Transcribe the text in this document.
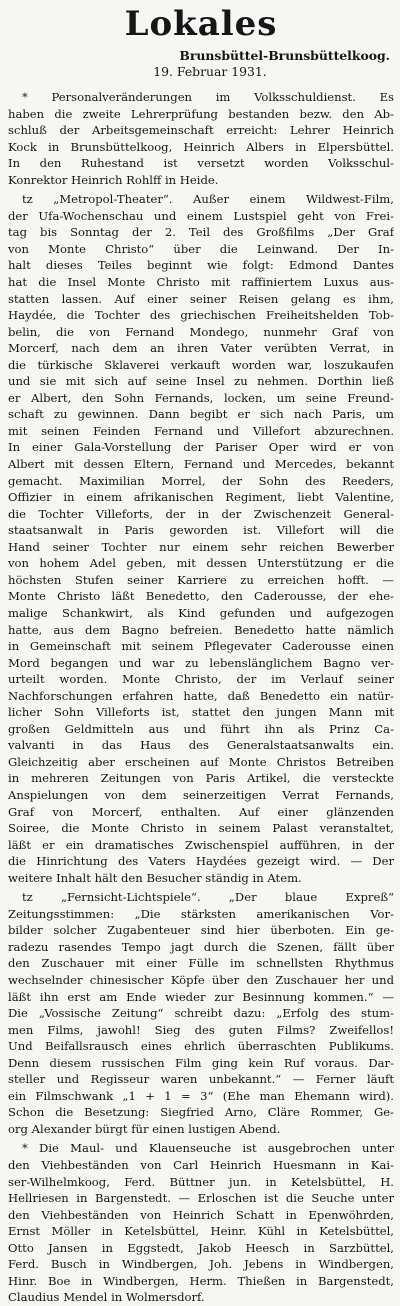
Lokales
Brunsbüttel-Brunsbüttelkoog.
19. Februar 1931.
* Personalveränderungen im Volksschuldienst. Es
haben die zweite Lehrerprüfung bestanden bezw. den Ab-
schluß der Arbeitsgemeinschaft erreicht: Lehrer Heinrich
Kock in Brunsbüttelkoog, Heinrich Albers in Elpersbüttel.
In den Ruhestand ist versetzt worden Volksschul-
Konrektor Heinrich Rohlff in Heide.
tz „Metropol-Theater“. Außer einem Wildwest-Film,
der Ufa-Wochenschau und einem Lustspiel geht von Frei-
tag bis Sonntag der 2. Teil des Großfilms „Der Graf
von Monte Christo“ über die Leinwand. Der In-
halt dieses Teiles beginnt wie folgt: Edmond Dantes
hat die Insel Monte Christo mit raffiniertem Luxus aus-
statten lassen. Auf einer seiner Reisen gelang es ihm,
Haydée, die Tochter des griechischen Freiheitshelden Tob-
belin, die von Fernand Mondego, nunmehr Graf von
Morcerf, nach dem an ihren Vater verübten Verrat, in
die türkische Sklaverei verkauft worden war, loszukaufen
und sie mit sich auf seine Insel zu nehmen. Dorthin ließ
er Albert, den Sohn Fernands, locken, um seine Freund-
schaft zu gewinnen. Dann begibt er sich nach Paris, um
mit seinen Feinden Fernand und Villefort abzurechnen.
In einer Gala-Vorstellung der Pariser Oper wird er von
Albert mit dessen Eltern, Fernand und Mercedes, bekannt
gemacht. Maximilian Morrel, der Sohn des Reeders,
Offizier in einem afrikanischen Regiment, liebt Valentine,
die Tochter Villeforts, der in der Zwischenzeit General-
staatsanwalt in Paris geworden ist. Villefort will die
Hand seiner Tochter nur einem sehr reichen Bewerber
von hohem Adel geben, mit dessen Unterstützung er die
höchsten Stufen seiner Karriere zu erreichen hofft. —
Monte Christo läßt Benedetto, den Caderousse, der ehe-
malige Schankwirt, als Kind gefunden und aufgezogen
hatte, aus dem Bagno befreien. Benedetto hatte nämlich
in Gemeinschaft mit seinem Pflegevater Caderousse einen
Mord begangen und war zu lebenslänglichem Bagno ver-
urteilt worden. Monte Christo, der im Verlauf seiner
Nachforschungen erfahren hatte, daß Benedetto ein natür-
licher Sohn Villeforts ist, stattet den jungen Mann mit
großen Geldmitteln aus und führt ihn als Prinz Ca-
valvanti in das Haus des Generalstaatsanwalts ein.
Gleichzeitig aber erscheinen auf Monte Christos Betreiben
in mehreren Zeitungen von Paris Artikel, die versteckte
Anspielungen von dem seinerzeitigen Verrat Fernands,
Graf von Morcerf, enthalten. Auf einer glänzenden
Soiree, die Monte Christo in seinem Palast veranstaltet,
läßt er ein dramatisches Zwischenspiel aufführen, in der
die Hinrichtung des Vaters Haydées gezeigt wird. — Der
weitere Inhalt hält den Besucher ständig in Atem.
tz „Fernsicht-Lichtspiele“. „Der blaue Expreß“
Zeitungsstimmen: „Die stärksten amerikanischen Vor-
bilder solcher Zugabenteuer sind hier überboten. Ein ge-
radezu rasendes Tempo jagt durch die Szenen, fällt über
den Zuschauer mit einer Fülle im schnellsten Rhythmus
wechselnder chinesischer Köpfe über den Zuschauer her und
läßt ihn erst am Ende wieder zur Besinnung kommen.“ —
Die „Vossische Zeitung“ schreibt dazu: „Erfolg des stum-
men Films, jawohl! Sieg des guten Films? Zweifellos!
Und Beifallsrausch eines ehrlich überraschten Publikums.
Denn diesem russischen Film ging kein Ruf voraus. Dar-
steller und Regisseur waren unbekannt.“ — Ferner läuft
ein Filmschwank „1 + 1 = 3“ (Ehe man Ehemann wird).
Schon die Besetzung: Siegfried Arno, Cläre Rommer, Ge-
org Alexander bürgt für einen lustigen Abend.
* Die Maul- und Klauenseuche ist ausgebrochen unter
den Viehbeständen von Carl Heinrich Huesmann in Kai-
ser-Wilhelmkoog, Ferd. Büttner jun. in Ketelsbüttel, H.
Hellriesen in Bargenstedt. — Erloschen ist die Seuche unter
den Viehbeständen von Heinrich Schatt in Epenwöhrden,
Ernst Möller in Ketelsbüttel, Heinr. Kühl in Ketelsbüttel,
Otto Jansen in Eggstedt, Jakob Heesch in Sarzbüttel,
Ferd. Busch in Windbergen, Joh. Jebens in Windbergen,
Hinr. Boe in Windbergen, Herm. Thießen in Bargenstedt,
Claudius Mendel in Wolmersdorf.
